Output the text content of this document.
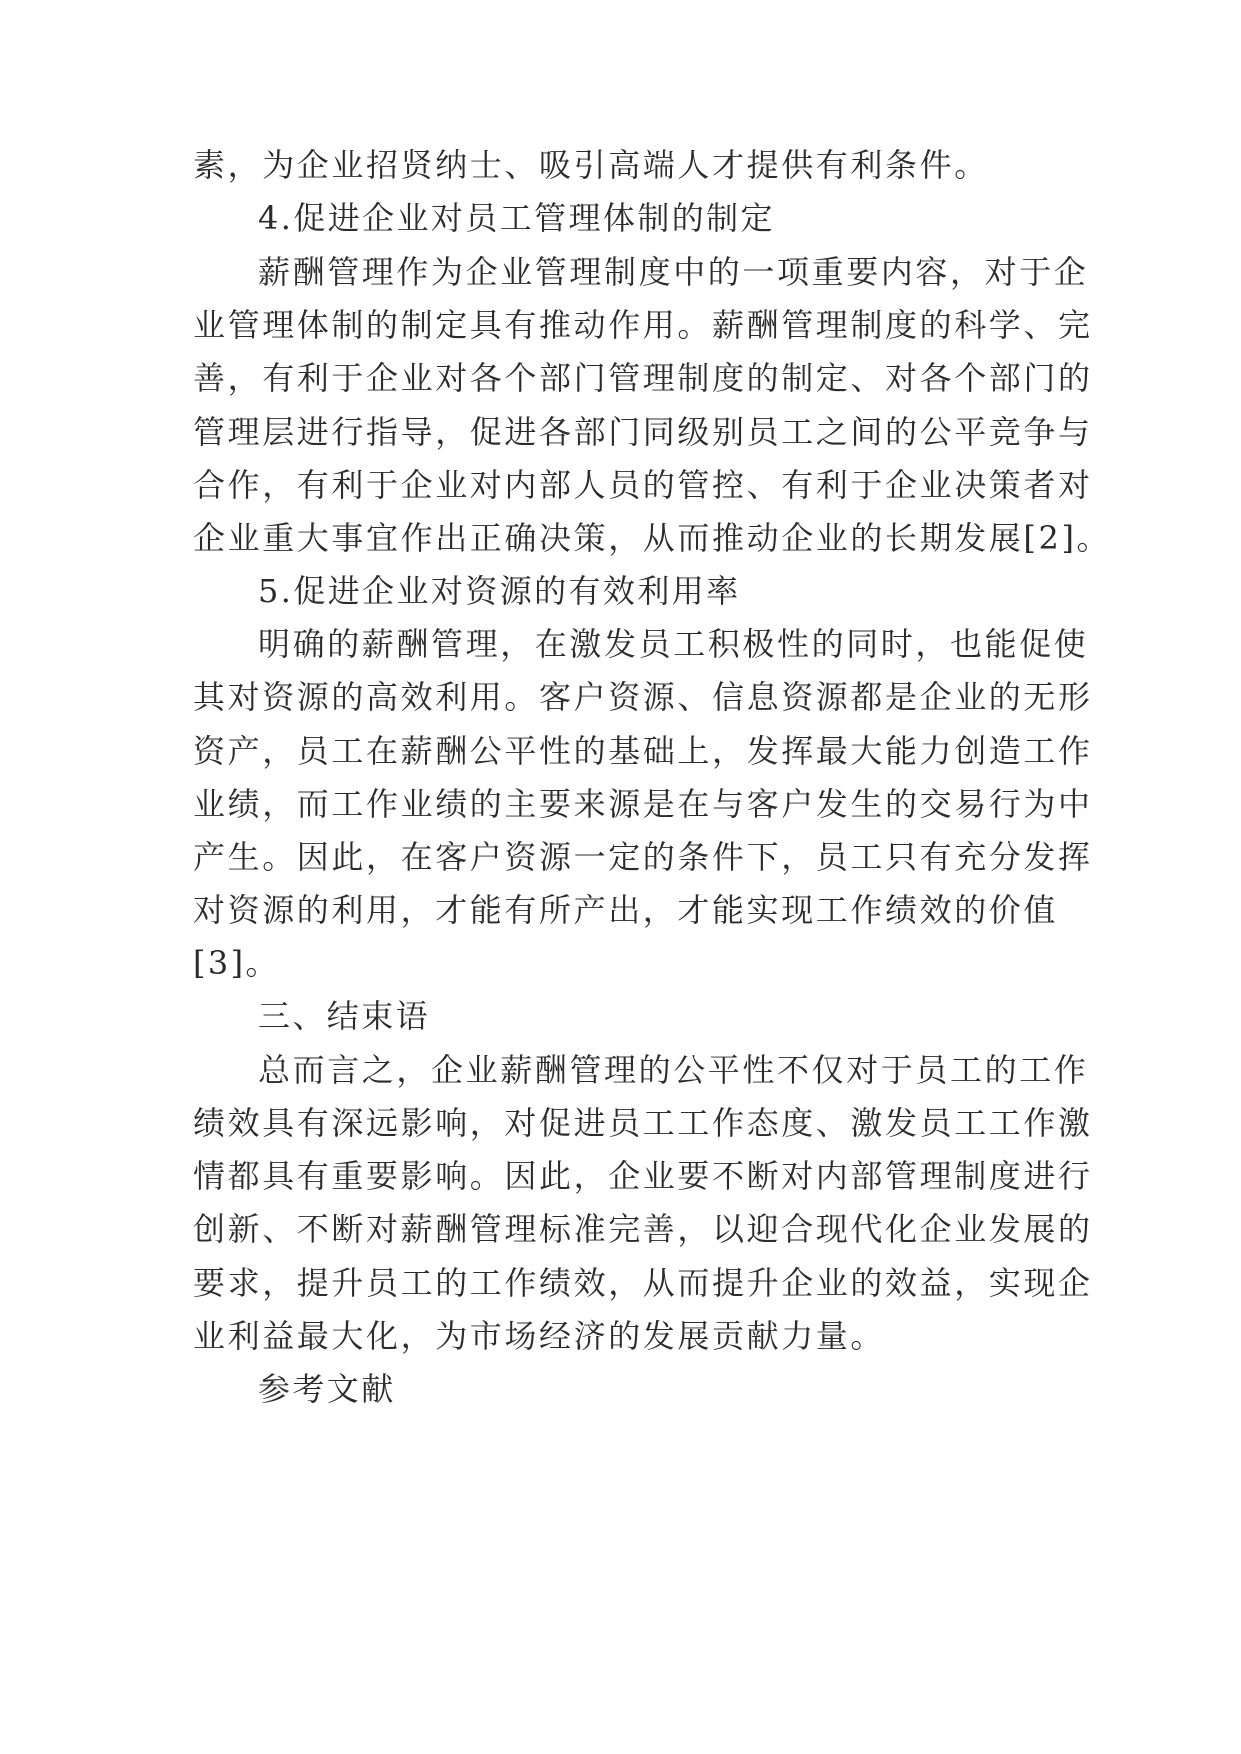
素，为企业招贤纳士、吸引高端人才提供有利条件。

4.促进企业对员工管理体制的制定

薪酬管理作为企业管理制度中的一项重要内容，对于企

业管理体制的制定具有推动作用。薪酬管理制度的科学、完

善，有利于企业对各个部门管理制度的制定、对各个部门的

管理层进行指导，促进各部门同级别员工之间的公平竞争与

合作，有利于企业对内部人员的管控、有利于企业决策者对

企业重大事宜作出正确决策，从而推动企业的长期发展[2]。

5.促进企业对资源的有效利用率

明确的薪酬管理，在激发员工积极性的同时，也能促使

其对资源的高效利用。客户资源、信息资源都是企业的无形

资产，员工在薪酬公平性的基础上，发挥最大能力创造工作

业绩，而工作业绩的主要来源是在与客户发生的交易行为中

产生。因此，在客户资源一定的条件下，员工只有充分发挥

对资源的利用，才能有所产出，才能实现工作绩效的价值

[3]。

三、结束语

总而言之，企业薪酬管理的公平性不仅对于员工的工作

绩效具有深远影响，对促进员工工作态度、激发员工工作激

情都具有重要影响。因此，企业要不断对内部管理制度进行

创新、不断对薪酬管理标准完善，以迎合现代化企业发展的

要求，提升员工的工作绩效，从而提升企业的效益，实现企

业利益最大化，为市场经济的发展贡献力量。

参考文献
